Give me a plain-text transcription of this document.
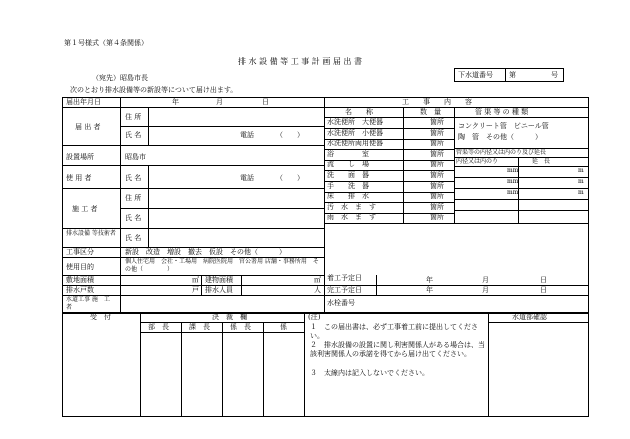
第１号様式（第４条関係）
排 水 設 備 等 工 事 計 画 届 出 書
（宛先）昭島市長	下水道番号 第	号
次のとおり排水設備等の新設等について届け出ます。
届出年月日	年	月	日
届 出 者
住 所
氏 名	電話	（　　）
設置場所	昭島市
使 用 者	氏 名	電話	（　　）
施 工 者
住 所
氏 名
排水設備 等技術者
氏 名
工事区分	新設　改造　増設　撤去　仮設　その他（　　　）
使用目的
個人住宅用　会社・工場用　病院医院用　官公署用 店舗・事務所用　その他（　　　　）
敷地面積	㎡ 建物面積	㎡
排水戸数	戸 排水人員	人
水道工事 施　工　者
工　　事　　内　　容
名　　称	数　量	管 渠 等 の 種 類
水洗便所　大便器	箇所
水洗便所　小便器	箇所
水洗便所両用便器	箇所
浴　　　　室	箇所
流　　し　場	箇所
洗　　面　器	箇所
手　　洗　器	箇所
床　　排　水	箇所
汚　水　ま　す	箇所
雨　水　ま　す	箇所
コンクリート管　ビニール管
陶　管　その他（　　　）
管渠等の内径又は内のり及び延長
内径又は内のり	延　長
mm	m
mm	m
mm	m
着工予定日	年	月	日
完工予定日	年	月	日
水栓番号
受　付	決　裁　欄
部　長	課　長	係　長	係
(注)
１　この届出書は、必ず工事着工前に提出してください。
２　排水設備の設置に関し利害関係人がある場合は、当該利害関係人の承諾を得てから届け出てください。
３　太線内は記入しないでください。
水道部確認
